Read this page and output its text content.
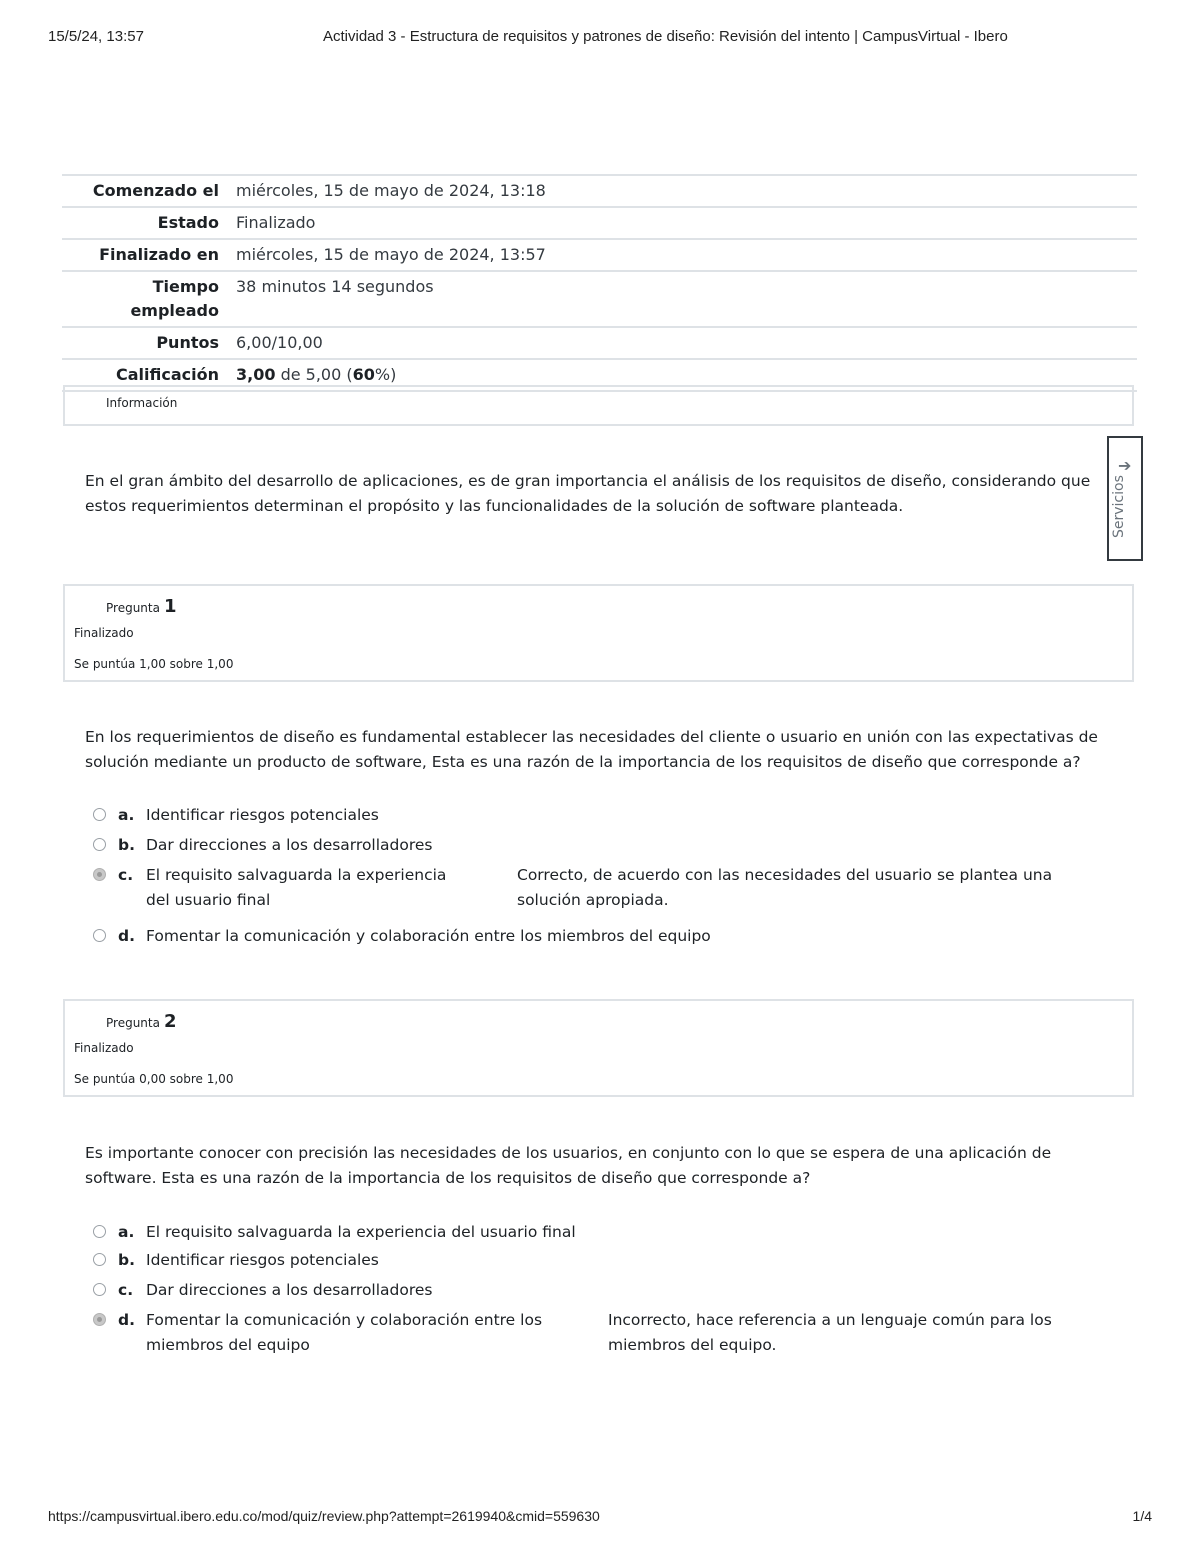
15/5/24, 13:57	Actividad 3 - Estructura de requisitos y patrones de diseño: Revisión del intento | CampusVirtual - Ibero
Comenzado el	miércoles, 15 de mayo de 2024, 13:18
Estado	Finalizado
Finalizado en	miércoles, 15 de mayo de 2024, 13:57
Tiempo
empleado	38 minutos 14 segundos
Puntos	6,00/10,00
Calificación	3,00 de 5,00 (60%)
Información
En el gran ámbito del desarrollo de aplicaciones, es de gran importancia el análisis de los requisitos de diseño, considerando que estos requerimientos determinan el propósito y las funcionalidades de la solución de software planteada.
➔
Servicios
Pregunta 1
Finalizado
Se puntúa 1,00 sobre 1,00
En los requerimientos de diseño es fundamental establecer las necesidades del cliente o usuario en unión con las expectativas de solución mediante un producto de software, Esta es una razón de la importancia de los requisitos de diseño que corresponde a?
a. Identificar riesgos potenciales
b. Dar direcciones a los desarrolladores
c. El requisito salvaguarda la experiencia del usuario final
Correcto, de acuerdo con las necesidades del usuario se plantea una solución apropiada.
d. Fomentar la comunicación y colaboración entre los miembros del equipo
Pregunta 2
Finalizado
Se puntúa 0,00 sobre 1,00
Es importante conocer con precisión las necesidades de los usuarios, en conjunto con lo que se espera de una aplicación de software. Esta es una razón de la importancia de los requisitos de diseño que corresponde a?
a. El requisito salvaguarda la experiencia del usuario final
b. Identificar riesgos potenciales
c. Dar direcciones a los desarrolladores
d. Fomentar la comunicación y colaboración entre los miembros del equipo
Incorrecto, hace referencia a un lenguaje común para los miembros del equipo.
https://campusvirtual.ibero.edu.co/mod/quiz/review.php?attempt=2619940&cmid=559630	1/4
